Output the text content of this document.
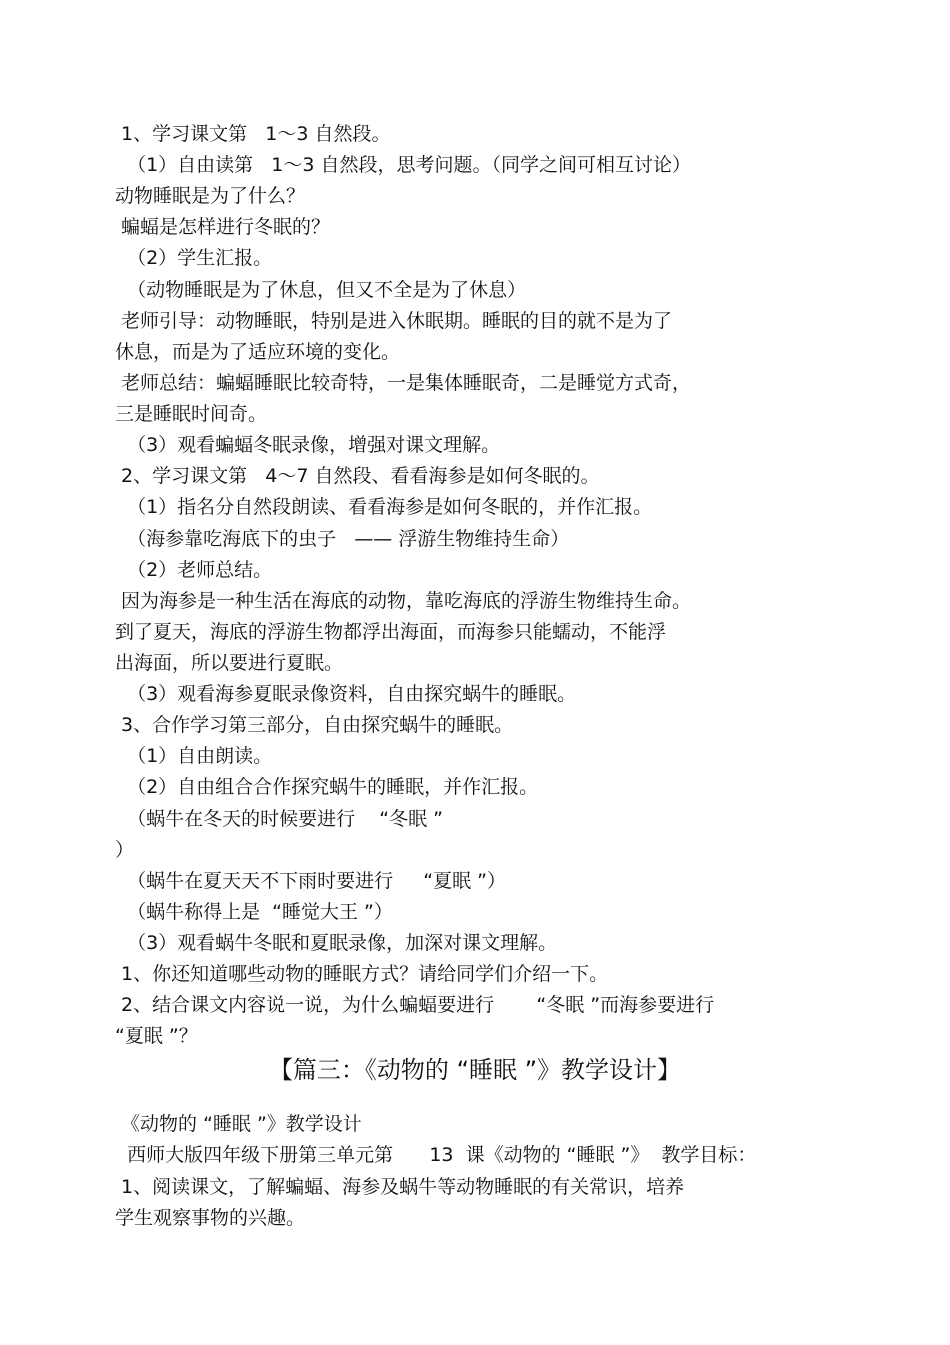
1、学习课文第   1～3 自然段。
（1）自由读第   1～3 自然段，思考问题。（同学之间可相互讨论）
动物睡眠是为了什么？
蝙蝠是怎样进行冬眠的？
（2）学生汇报。
（动物睡眠是为了休息，但又不全是为了休息）
老师引导：动物睡眠，特别是进入休眠期。睡眠的目的就不是为了
休息，而是为了适应环境的变化。
老师总结：蝙蝠睡眠比较奇特，一是集体睡眠奇，二是睡觉方式奇，
三是睡眠时间奇。
（3）观看蝙蝠冬眠录像，增强对课文理解。
2、学习课文第   4～7 自然段、看看海参是如何冬眠的。
（1）指名分自然段朗读、看看海参是如何冬眠的，并作汇报。
（海参靠吃海底下的虫子   —— 浮游生物维持生命）
（2）老师总结。
因为海参是一种生活在海底的动物，靠吃海底的浮游生物维持生命。
到了夏天，海底的浮游生物都浮出海面，而海参只能蠕动，不能浮
出海面，所以要进行夏眠。
（3）观看海参夏眠录像资料，自由探究蜗牛的睡眠。
3、合作学习第三部分，自由探究蜗牛的睡眠。
（1）自由朗读。
（2）自由组合合作探究蜗牛的睡眠，并作汇报。
（蜗牛在冬天的时候要进行    “冬眠 ”
）
（蜗牛在夏天天不下雨时要进行     “夏眠 ”）
（蜗牛称得上是  “睡觉大王 ”）
（3）观看蜗牛冬眠和夏眠录像，加深对课文理解。
1、你还知道哪些动物的睡眠方式？请给同学们介绍一下。
2、结合课文内容说一说，为什么蝙蝠要进行       “冬眠 ”而海参要进行
“夏眠 ”？
【篇三：《动物的 “睡眠 ”》教学设计】
《动物的 “睡眠 ”》教学设计
西师大版四年级下册第三单元第      13  课《动物的 “睡眠 ”》  教学目标：
1、阅读课文，了解蝙蝠、海参及蜗牛等动物睡眠的有关常识，培养
学生观察事物的兴趣。
